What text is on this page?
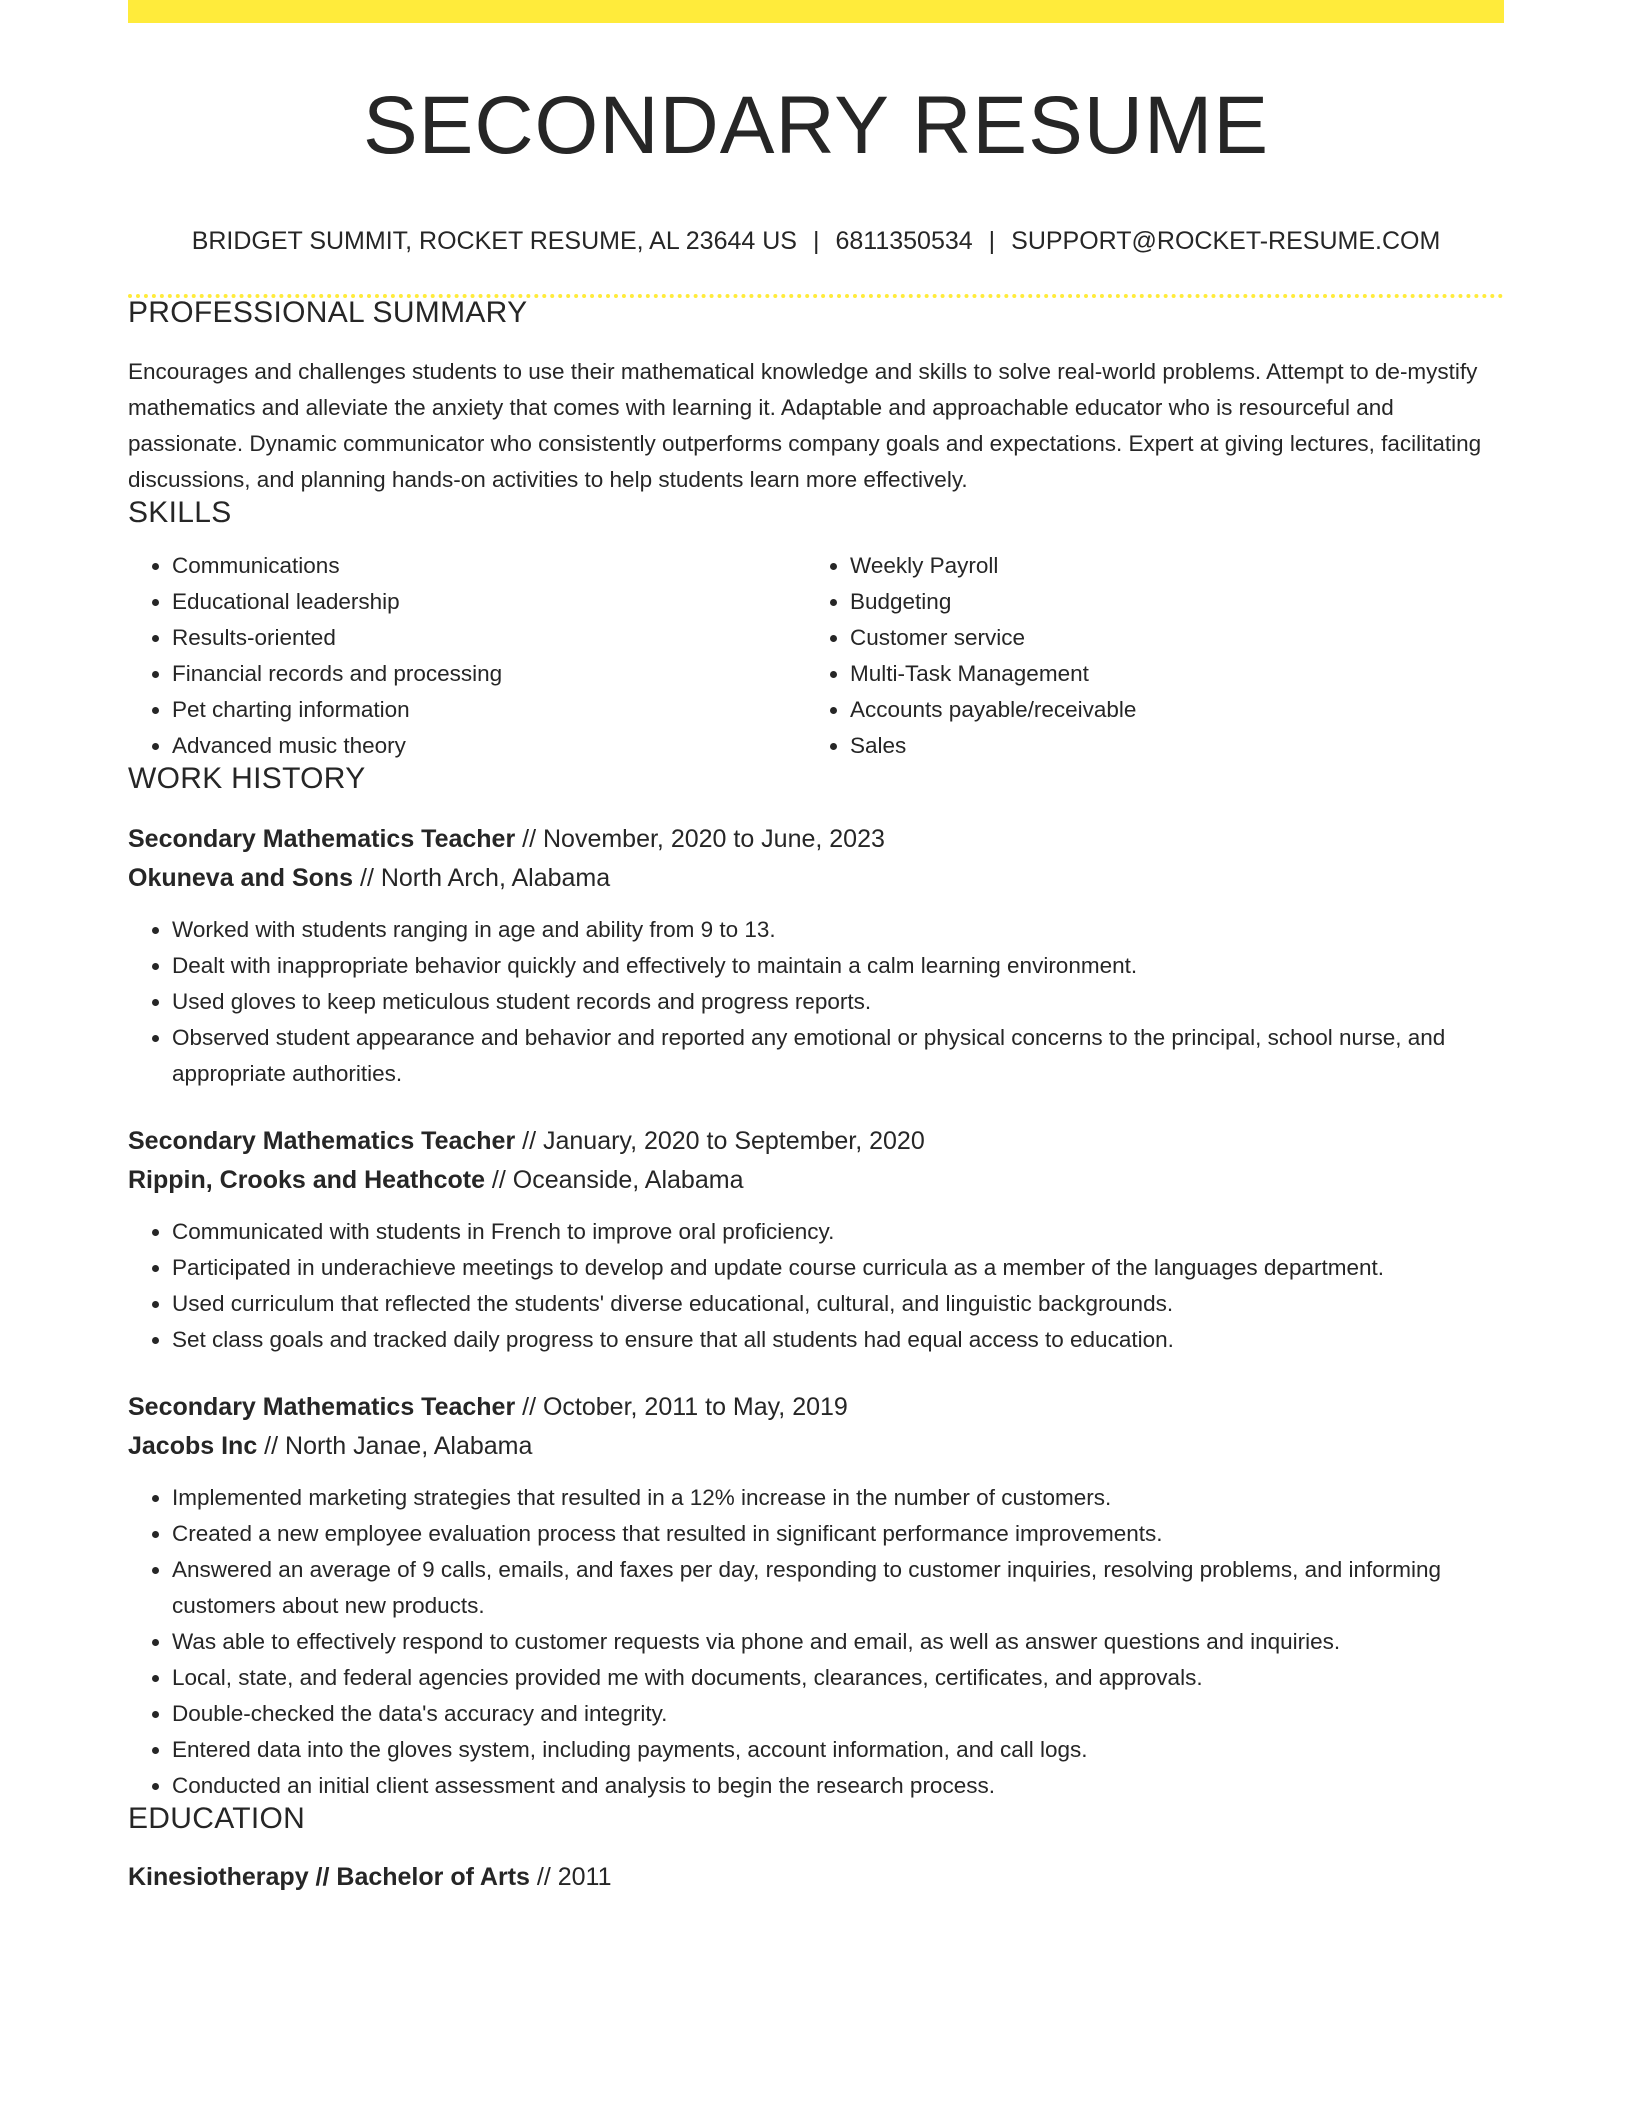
SECONDARY RESUME
BRIDGET SUMMIT, ROCKET RESUME, AL 23644 US | 6811350534 | SUPPORT@ROCKET-RESUME.COM
PROFESSIONAL SUMMARY

Encourages and challenges students to use their mathematical knowledge and skills to solve real-world problems. Attempt to de-mystify mathematics and alleviate the anxiety that comes with learning it. Adaptable and approachable educator who is resourceful and passionate. Dynamic communicator who consistently outperforms company goals and expectations. Expert at giving lectures, facilitating discussions, and planning hands-on activities to help students learn more effectively.

SKILLS
• Communications
• Educational leadership
• Results-oriented
• Financial records and processing
• Pet charting information
• Advanced music theory
• Weekly Payroll
• Budgeting
• Customer service
• Multi-Task Management
• Accounts payable/receivable
• Sales
WORK HISTORY
Secondary Mathematics Teacher // November, 2020 to June, 2023
Okuneva and Sons // North Arch, Alabama
• Worked with students ranging in age and ability from 9 to 13.
• Dealt with inappropriate behavior quickly and effectively to maintain a calm learning environment.
• Used gloves to keep meticulous student records and progress reports.
• Observed student appearance and behavior and reported any emotional or physical concerns to the principal, school nurse, and appropriate authorities.
Secondary Mathematics Teacher // January, 2020 to September, 2020
Rippin, Crooks and Heathcote // Oceanside, Alabama
• Communicated with students in French to improve oral proficiency.
• Participated in underachieve meetings to develop and update course curricula as a member of the languages department.
• Used curriculum that reflected the students' diverse educational, cultural, and linguistic backgrounds.
• Set class goals and tracked daily progress to ensure that all students had equal access to education.
Secondary Mathematics Teacher // October, 2011 to May, 2019
Jacobs Inc // North Janae, Alabama
• Implemented marketing strategies that resulted in a 12% increase in the number of customers.
• Created a new employee evaluation process that resulted in significant performance improvements.
• Answered an average of 9 calls, emails, and faxes per day, responding to customer inquiries, resolving problems, and informing customers about new products.
• Was able to effectively respond to customer requests via phone and email, as well as answer questions and inquiries.
• Local, state, and federal agencies provided me with documents, clearances, certificates, and approvals.
• Double-checked the data's accuracy and integrity.
• Entered data into the gloves system, including payments, account information, and call logs.
• Conducted an initial client assessment and analysis to begin the research process.
EDUCATION
Kinesiotherapy // Bachelor of Arts // 2011
